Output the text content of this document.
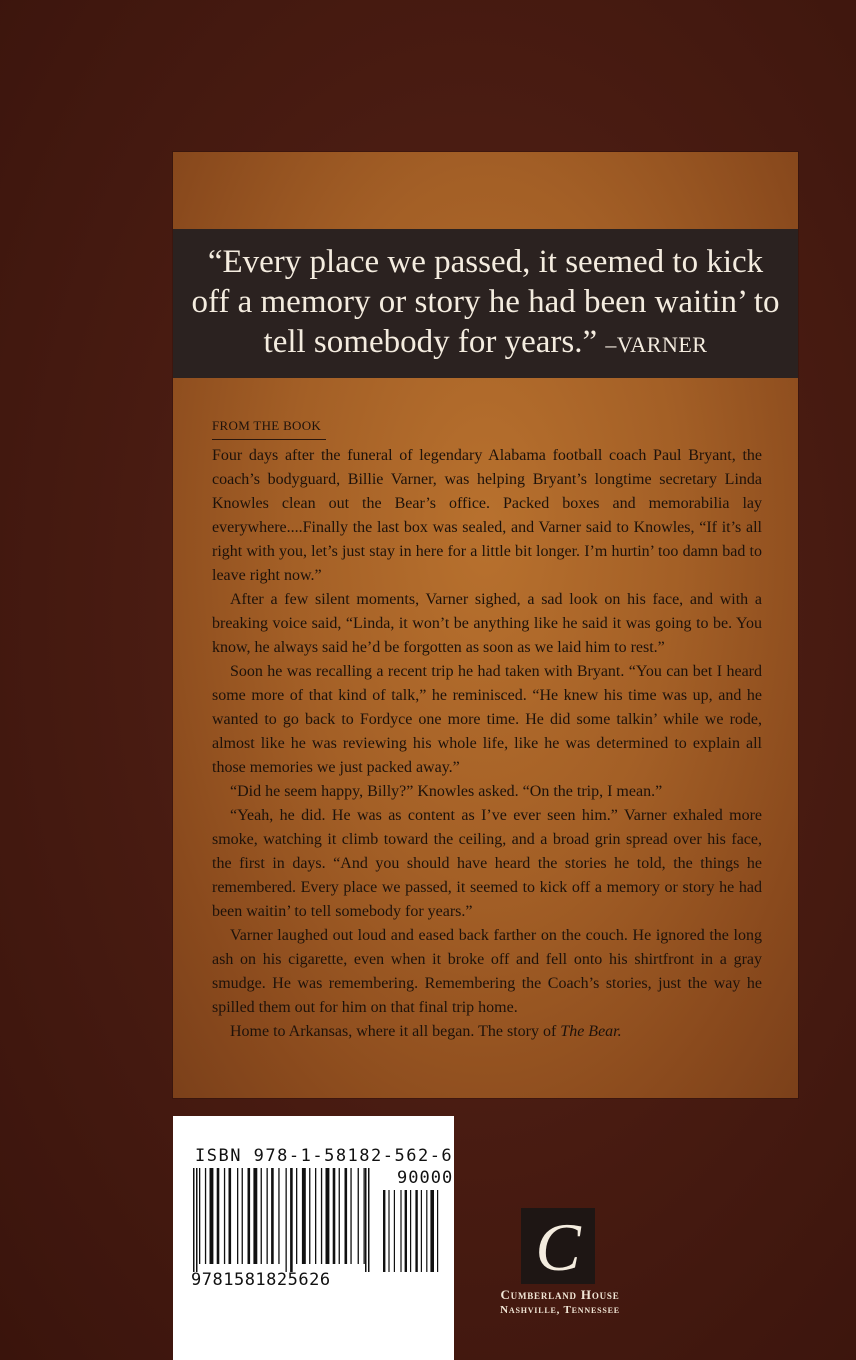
“Every place we passed, it seemed to kick off a memory or story he had been waitin’ to tell somebody for years.” –VARNER
FROM THE BOOK

Four days after the funeral of legendary Alabama football coach Paul Bryant, the coach’s bodyguard, Billie Varner, was helping Bryant’s longtime secretary Linda Knowles clean out the Bear’s office. Packed boxes and memorabilia lay everywhere....Finally the last box was sealed, and Varner said to Knowles, “If it’s all right with you, let’s just stay in here for a little bit longer. I’m hurtin’ too damn bad to leave right now.”

After a few silent moments, Varner sighed, a sad look on his face, and with a breaking voice said, “Linda, it won’t be anything like he said it was going to be. You know, he always said he’d be forgotten as soon as we laid him to rest.”

Soon he was recalling a recent trip he had taken with Bryant. “You can bet I heard some more of that kind of talk,” he reminisced. “He knew his time was up, and he wanted to go back to Fordyce one more time. He did some talkin’ while we rode, almost like he was reviewing his whole life, like he was determined to explain all those memories we just packed away.”

“Did he seem happy, Billy?” Knowles asked. “On the trip, I mean.”

“Yeah, he did. He was as content as I’ve ever seen him.” Varner exhaled more smoke, watching it climb toward the ceiling, and a broad grin spread over his face, the first in days. “And you should have heard the stories he told, the things he remembered. Every place we passed, it seemed to kick off a memory or story he had been waitin’ to tell somebody for years.”

Varner laughed out loud and eased back farther on the couch. He ignored the long ash on his cigarette, even when it broke off and fell onto his shirtfront in a gray smudge. He was remembering. Remembering the Coach’s stories, just the way he spilled them out for him on that final trip home.

Home to Arkansas, where it all began. The story of The Bear.

ISBN 978-1-58182-562-6
90000
9781581825626	C
Cumberland House
Nashville, Tennessee
